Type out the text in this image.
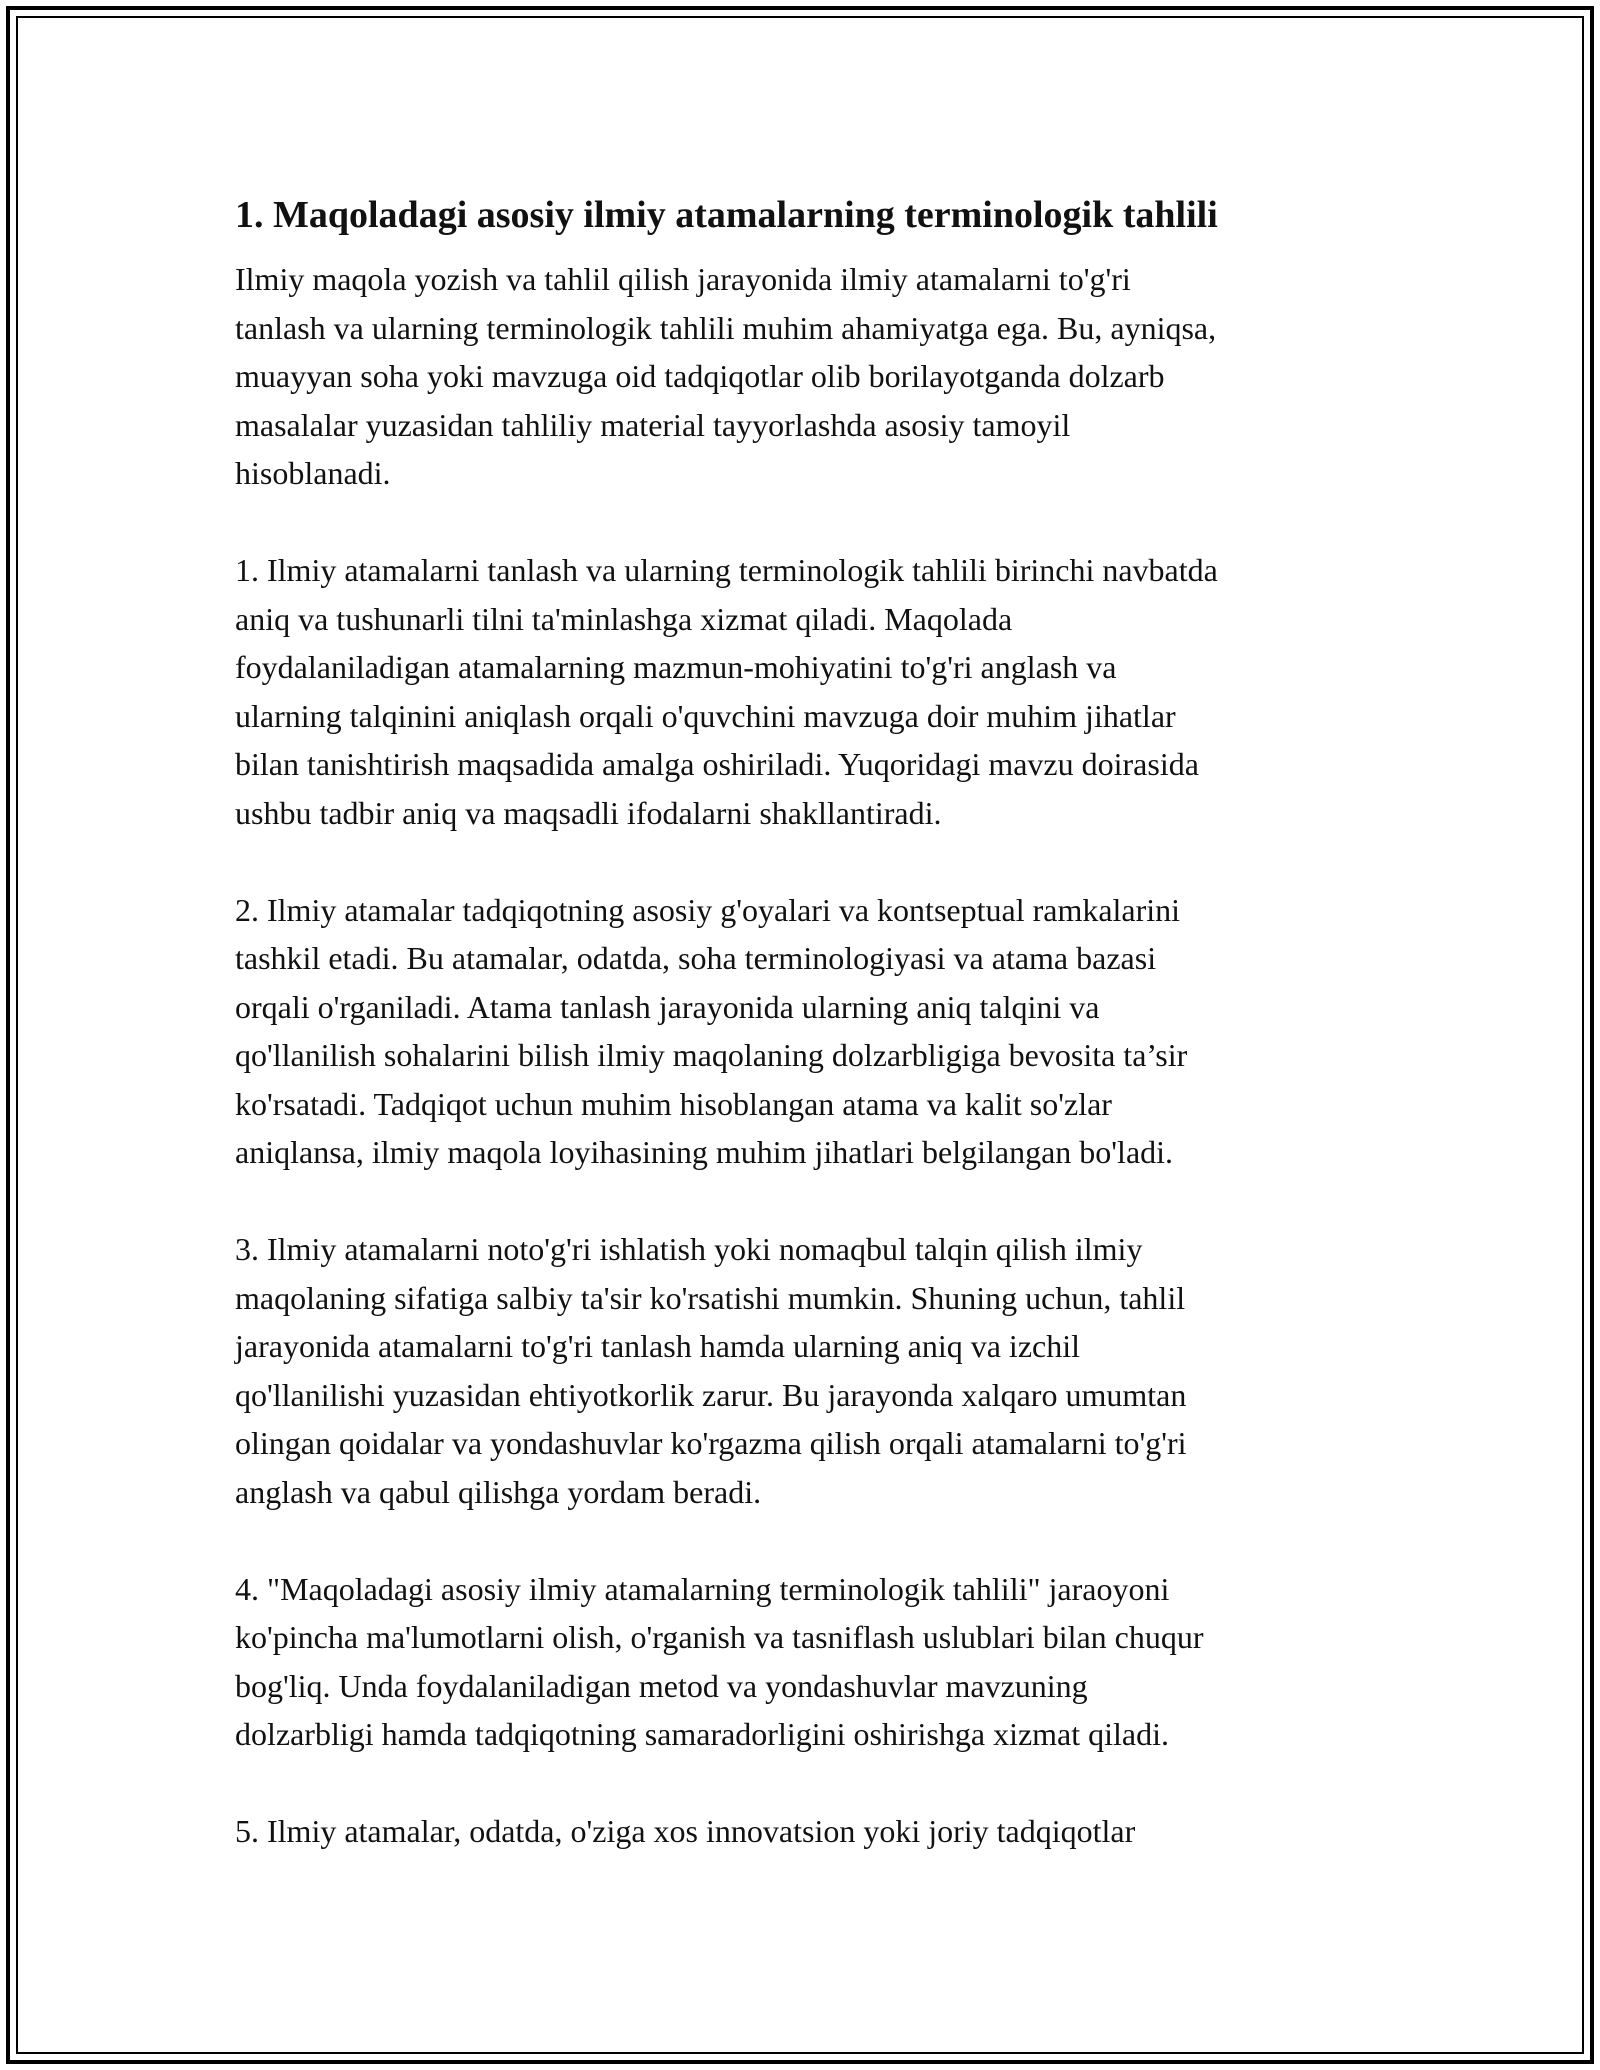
1. Maqoladagi asosiy ilmiy atamalarning terminologik tahlili

Ilmiy maqola yozish va tahlil qilish jarayonida ilmiy atamalarni to'g'ri
tanlash va ularning terminologik tahlili muhim ahamiyatga ega. Bu, ayniqsa,
muayyan soha yoki mavzuga oid tadqiqotlar olib borilayotganda dolzarb
masalalar yuzasidan tahliliy material tayyorlashda asosiy tamoyil
hisoblanadi.

1. Ilmiy atamalarni tanlash va ularning terminologik tahlili birinchi navbatda
aniq va tushunarli tilni ta'minlashga xizmat qiladi. Maqolada
foydalaniladigan atamalarning mazmun-mohiyatini to'g'ri anglash va
ularning talqinini aniqlash orqali o'quvchini mavzuga doir muhim jihatlar
bilan tanishtirish maqsadida amalga oshiriladi. Yuqoridagi mavzu doirasida
ushbu tadbir aniq va maqsadli ifodalarni shakllantiradi.

2. Ilmiy atamalar tadqiqotning asosiy g'oyalari va kontseptual ramkalarini
tashkil etadi. Bu atamalar, odatda, soha terminologiyasi va atama bazasi
orqali o'rganiladi. Atama tanlash jarayonida ularning aniq talqini va
qo'llanilish sohalarini bilish ilmiy maqolaning dolzarbligiga bevosita ta’sir
ko'rsatadi. Tadqiqot uchun muhim hisoblangan atama va kalit so'zlar
aniqlansa, ilmiy maqola loyihasining muhim jihatlari belgilangan bo'ladi.

3. Ilmiy atamalarni noto'g'ri ishlatish yoki nomaqbul talqin qilish ilmiy
maqolaning sifatiga salbiy ta'sir ko'rsatishi mumkin. Shuning uchun, tahlil
jarayonida atamalarni to'g'ri tanlash hamda ularning aniq va izchil
qo'llanilishi yuzasidan ehtiyotkorlik zarur. Bu jarayonda xalqaro umumtan
olingan qoidalar va yondashuvlar ko'rgazma qilish orqali atamalarni to'g'ri
anglash va qabul qilishga yordam beradi.

4. "Maqoladagi asosiy ilmiy atamalarning terminologik tahlili" jaraoyoni
ko'pincha ma'lumotlarni olish, o'rganish va tasniflash uslublari bilan chuqur
bog'liq. Unda foydalaniladigan metod va yondashuvlar mavzuning
dolzarbligi hamda tadqiqotning samaradorligini oshirishga xizmat qiladi.

5. Ilmiy atamalar, odatda, o'ziga xos innovatsion yoki joriy tadqiqotlar
